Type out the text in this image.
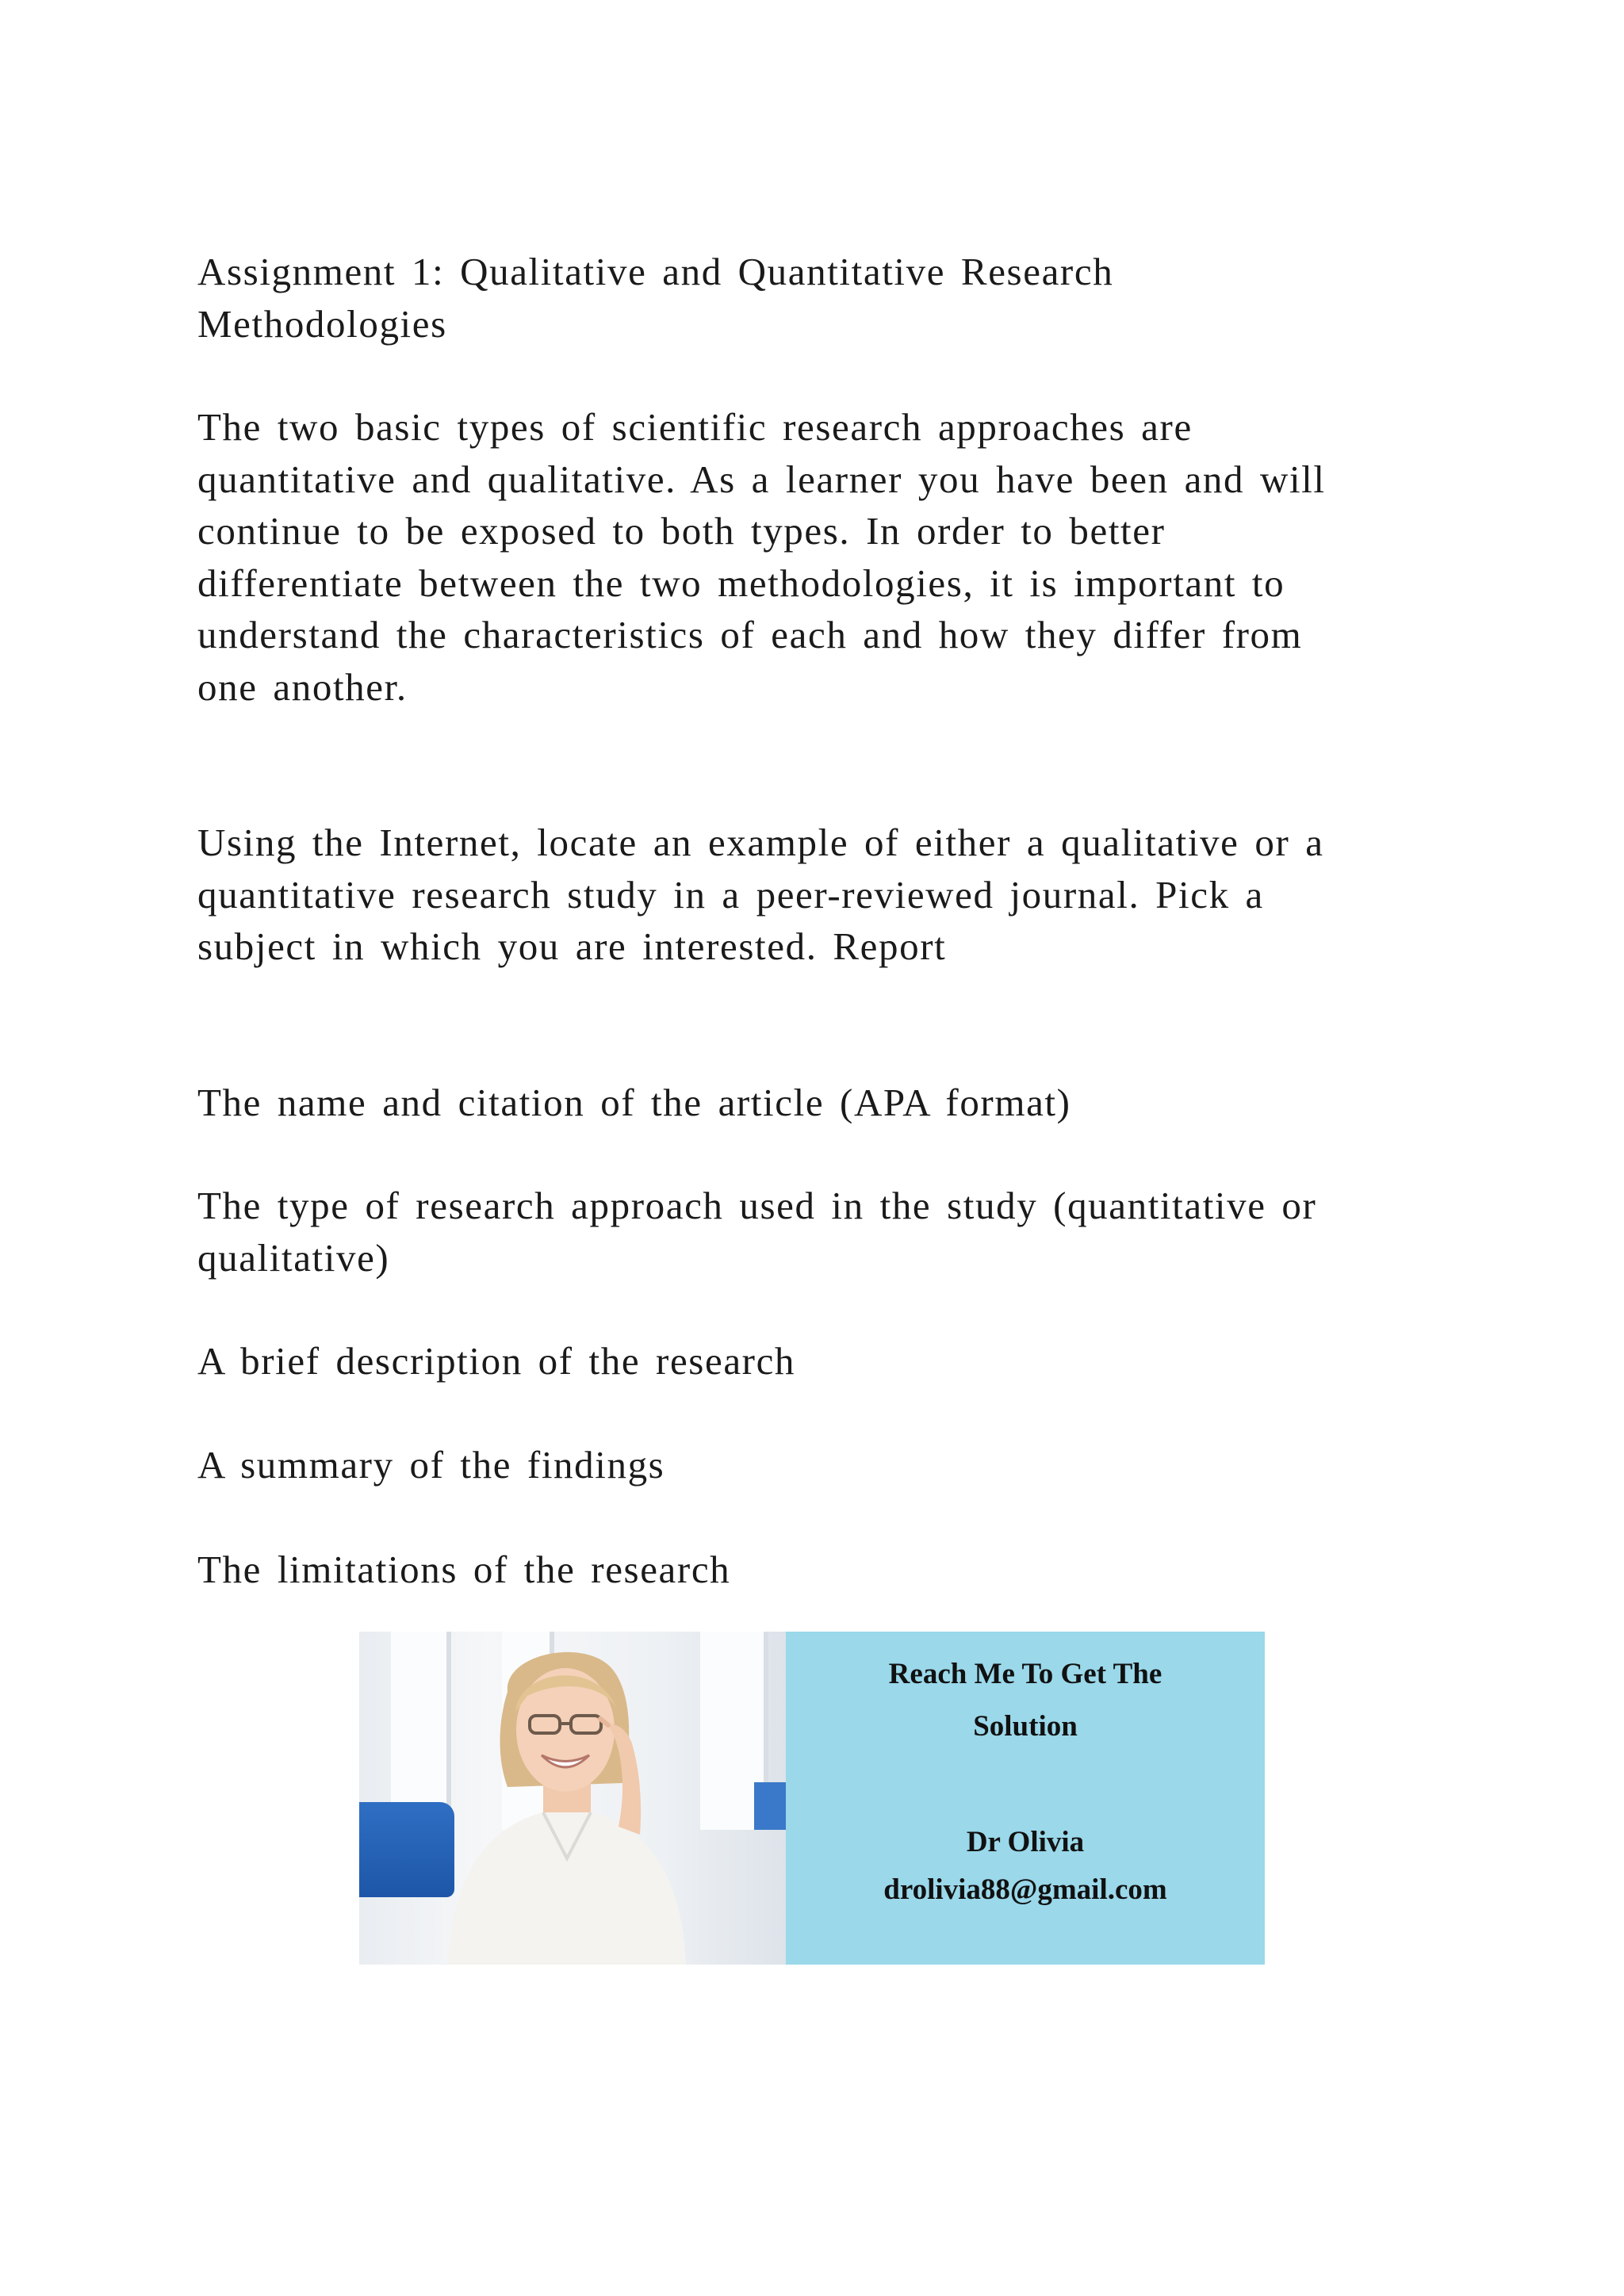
Assignment 1: Qualitative and Quantitative Research
Methodologies

The two basic types of scientific research approaches are
quantitative and qualitative. As a learner you have been and will
continue to be exposed to both types. In order to better
differentiate between the two methodologies, it is important to
understand the characteristics of each and how they differ from
one another.

Using the Internet, locate an example of either a qualitative or a
quantitative research study in a peer-reviewed journal. Pick a
subject in which you are interested. Report

The name and citation of the article (APA format)

The type of research approach used in the study (quantitative or
qualitative)

A brief description of the research

A summary of the findings

The limitations of the research

Reach Me To Get The
Solution
Dr Olivia
drolivia88@gmail.com
